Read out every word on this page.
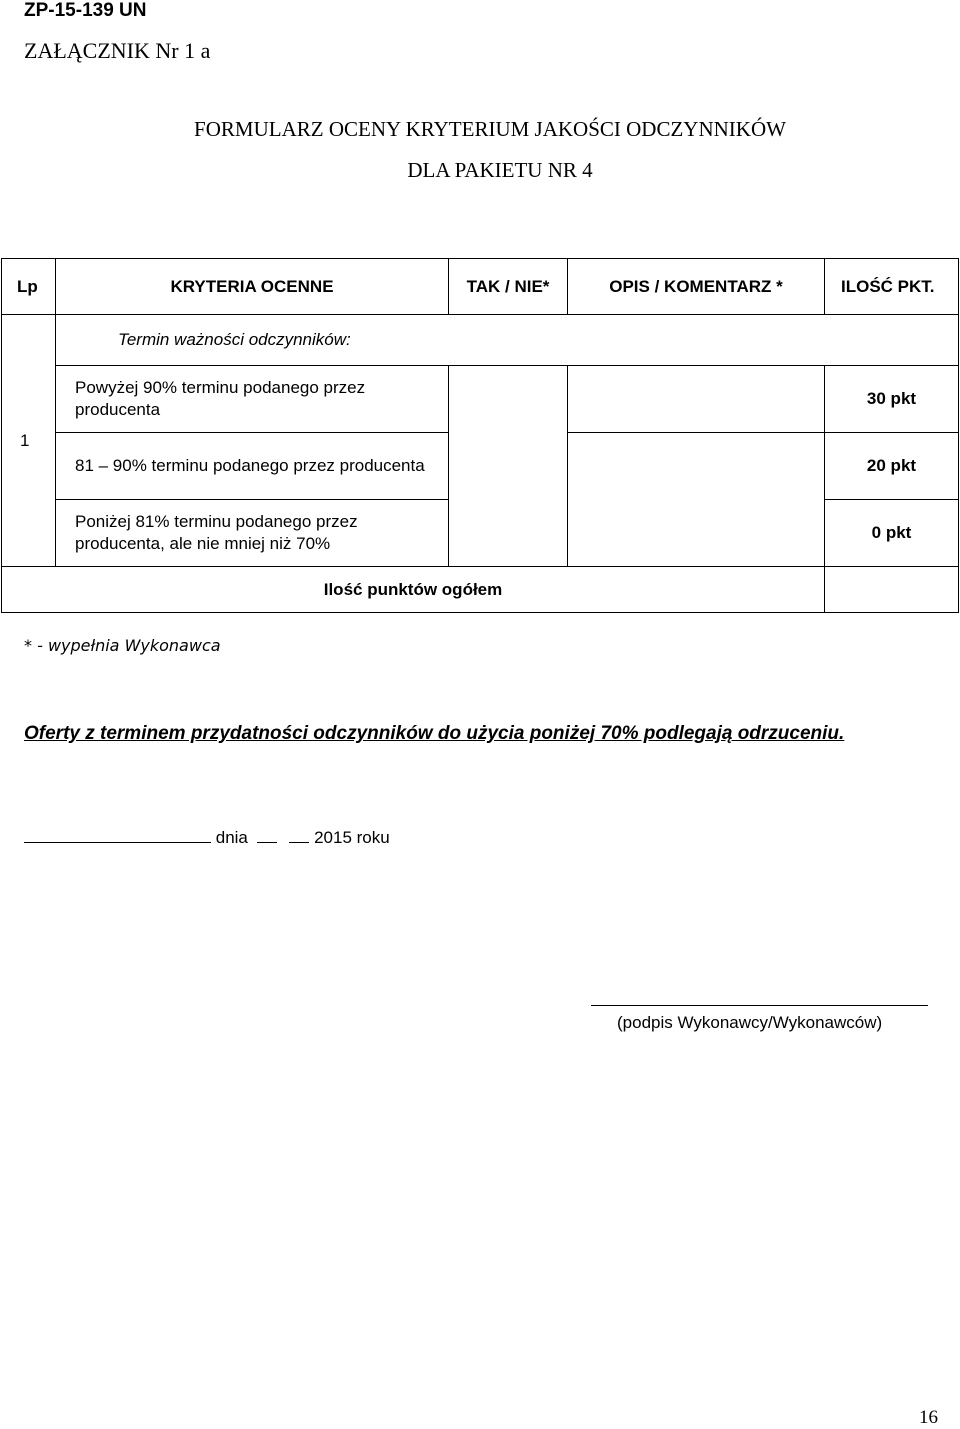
ZP-15-139 UN
ZAŁĄCZNIK Nr 1 a
FORMULARZ OCENY KRYTERIUM JAKOŚCI ODCZYNNIKÓW
DLA PAKIETU NR 4
Lp	KRYTERIA OCENNE	TAK / NIE*	OPIS / KOMENTARZ *	ILOŚĆ PKT.
1	Termin ważności odczynników:			
	Powyżej 90% terminu podanego przez producenta			30 pkt
	81 – 90% terminu podanego przez producenta			20 pkt
	Poniżej 81% terminu podanego przez producenta, ale nie mniej niż 70%			0 pkt
Ilość punktów ogółem				
* - wypełnia Wykonawca
Oferty z terminem przydatności odczynników do użycia poniżej 70% podlegają odrzuceniu.
dnia	2015 roku
(podpis Wykonawcy/Wykonawców)
16
